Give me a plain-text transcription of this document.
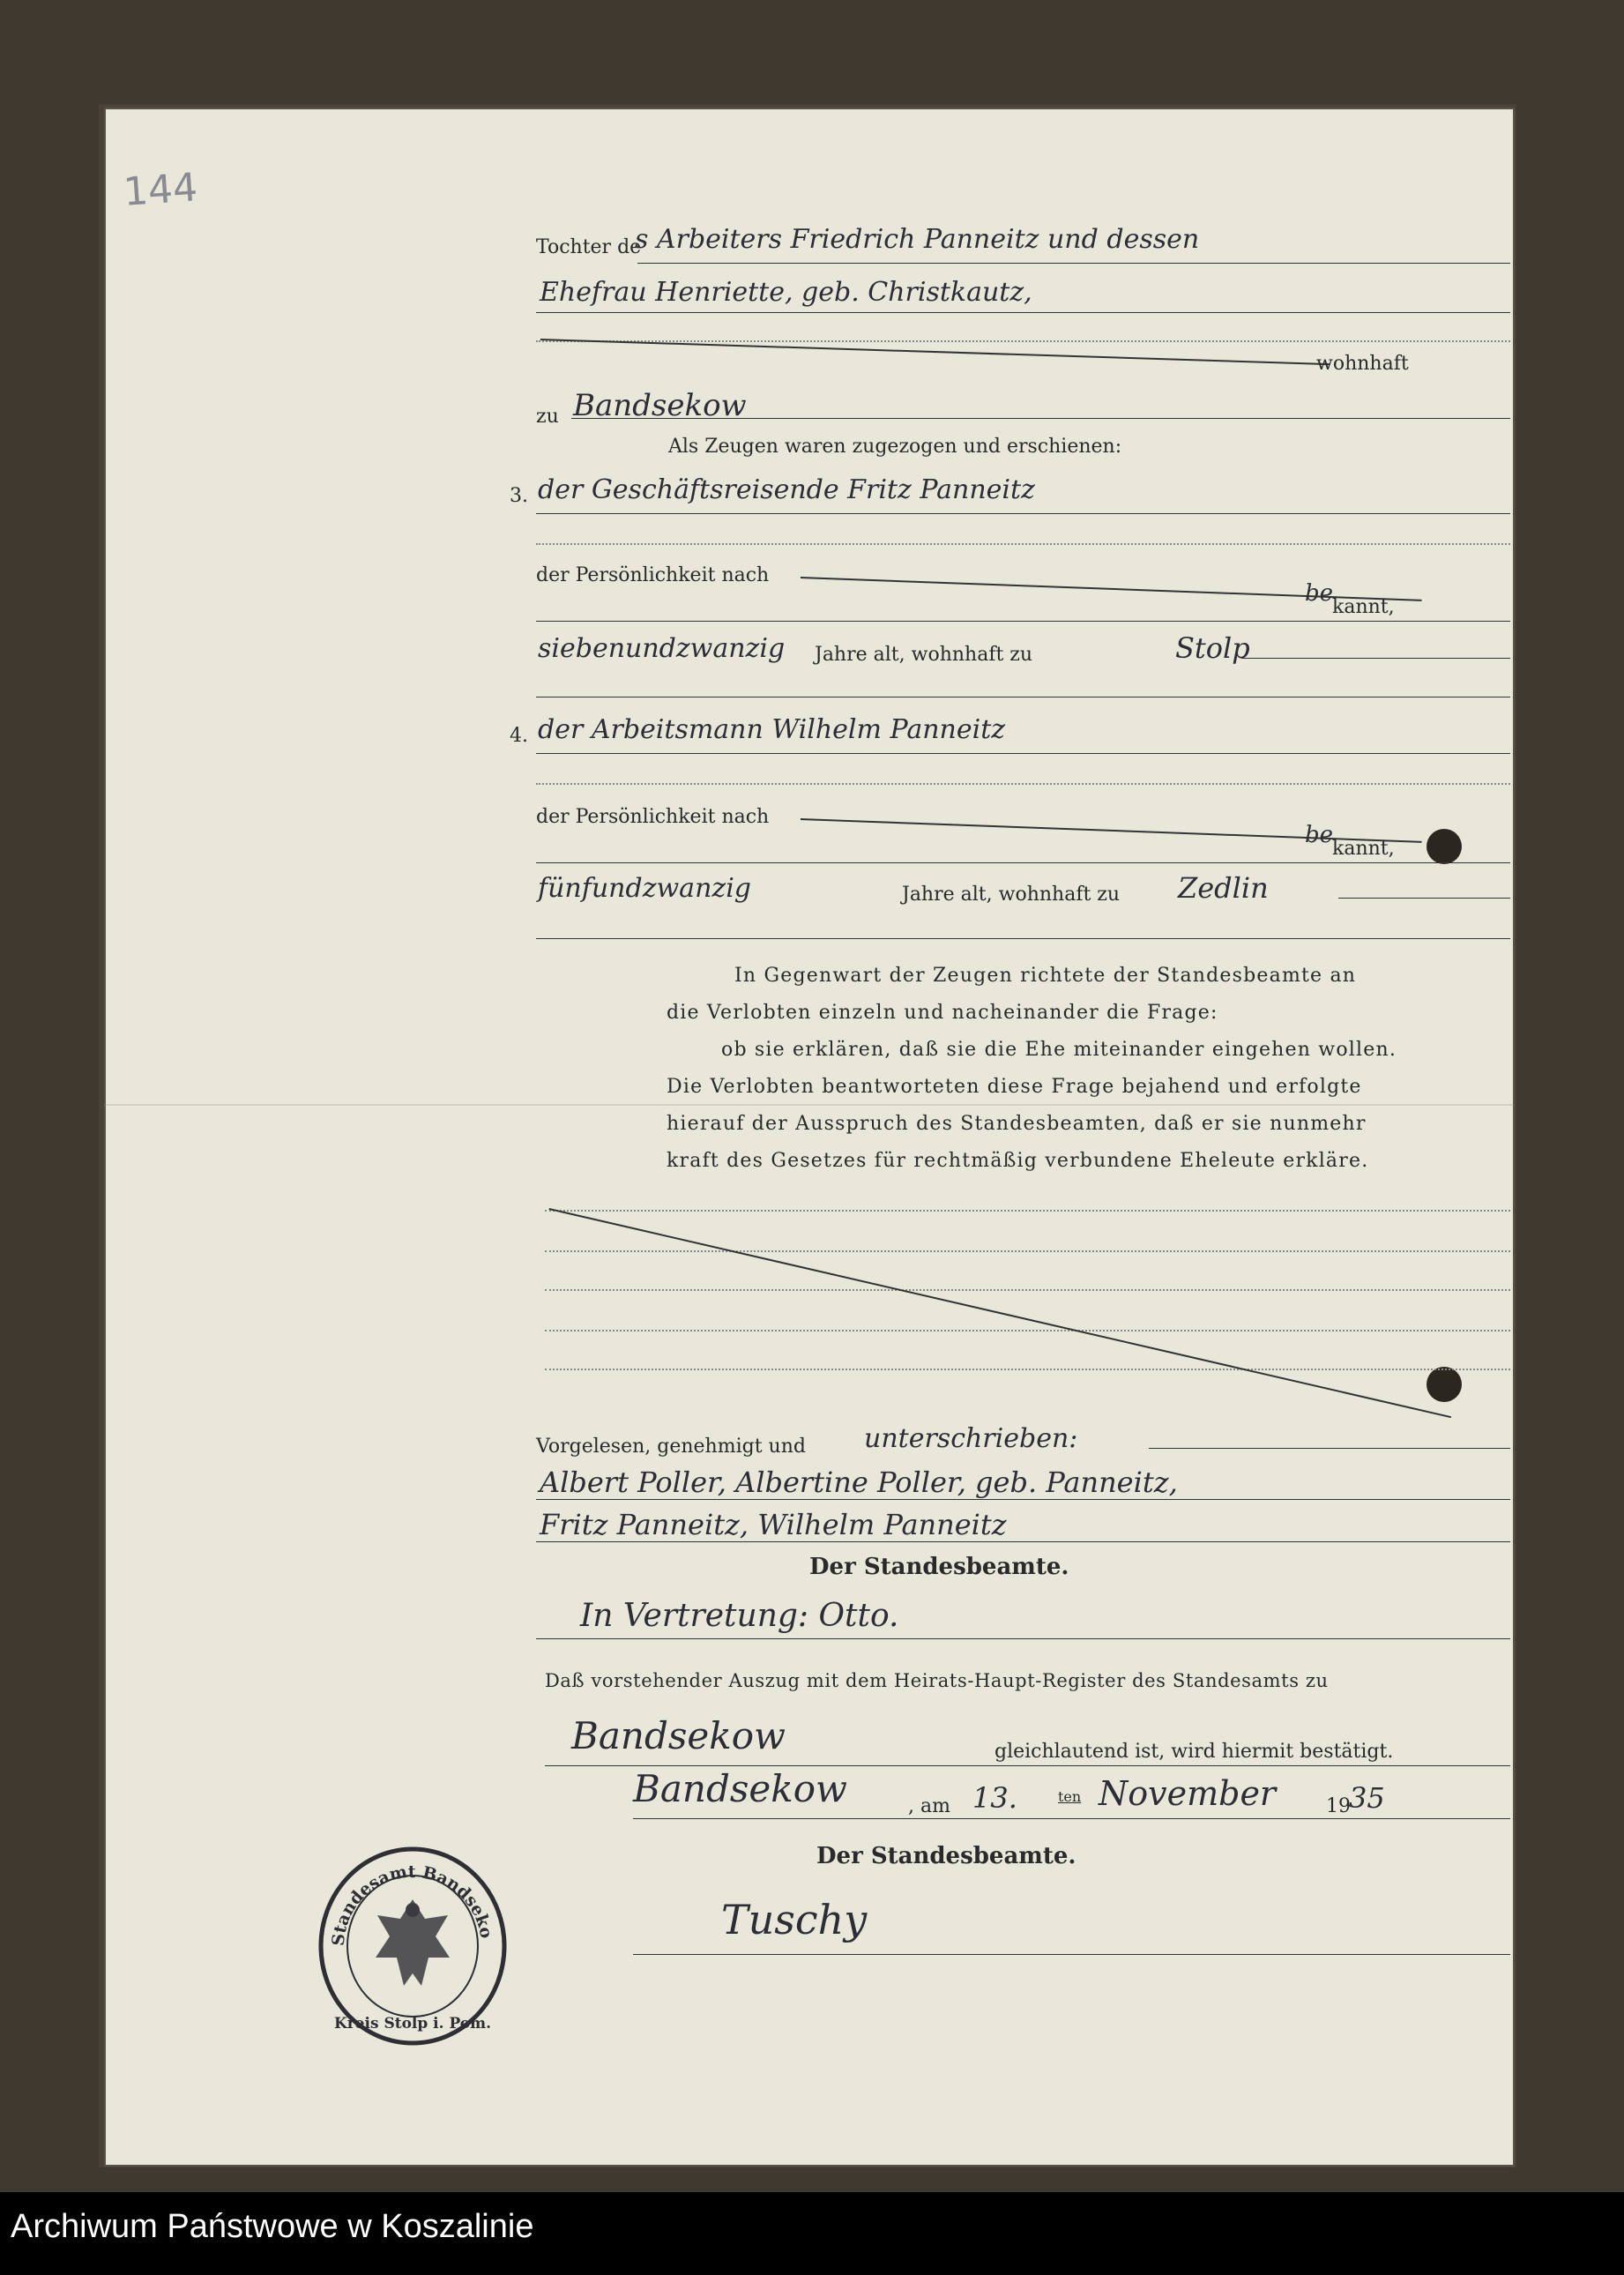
144
Tochter de
s Arbeiters Friedrich Panneitz und dessen
Ehefrau Henriette, geb. Christkautz,
wohnhaft
zu Bandsekow
Als Zeugen waren zugezogen und erschienen:
3. der Geschäftsreisende Fritz Panneitz
der Persönlichkeit nach
be
kannt,
siebenundzwanzig Jahre alt, wohnhaft zu	Stolp
4. der Arbeitsmann Wilhelm Panneitz
der Persönlichkeit nach
be
kannt,
fünfundzwanzig	Jahre alt, wohnhaft zu Zedlin
In Gegenwart der Zeugen richtete der Standesbeamte an
die Verlobten einzeln und nacheinander die Frage:
ob sie erklären, daß sie die Ehe miteinander eingehen wollen.
Die Verlobten beantworteten diese Frage bejahend und erfolgte
hierauf der Ausspruch des Standesbeamten, daß er sie nunmehr
kraft des Gesetzes für rechtmäßig verbundene Eheleute erkläre.
Vorgelesen, genehmigt und unterschrieben:
Albert Poller, Albertine Poller, geb. Panneitz,
Fritz Panneitz, Wilhelm Panneitz
Der Standesbeamte.
In Vertretung: Otto.
Daß vorstehender Auszug mit dem Heirats-Haupt-Register des Standesamts zu
Bandsekow	gleichlautend ist, wird hiermit bestätigt.
Bandsekow	, am 13.	ten November	19
35
Der Standesbeamte.
Tuschy
Standesamt Bandseko
Kreis Stolp i. Pom.
Archiwum Państwowe w Koszalinie
